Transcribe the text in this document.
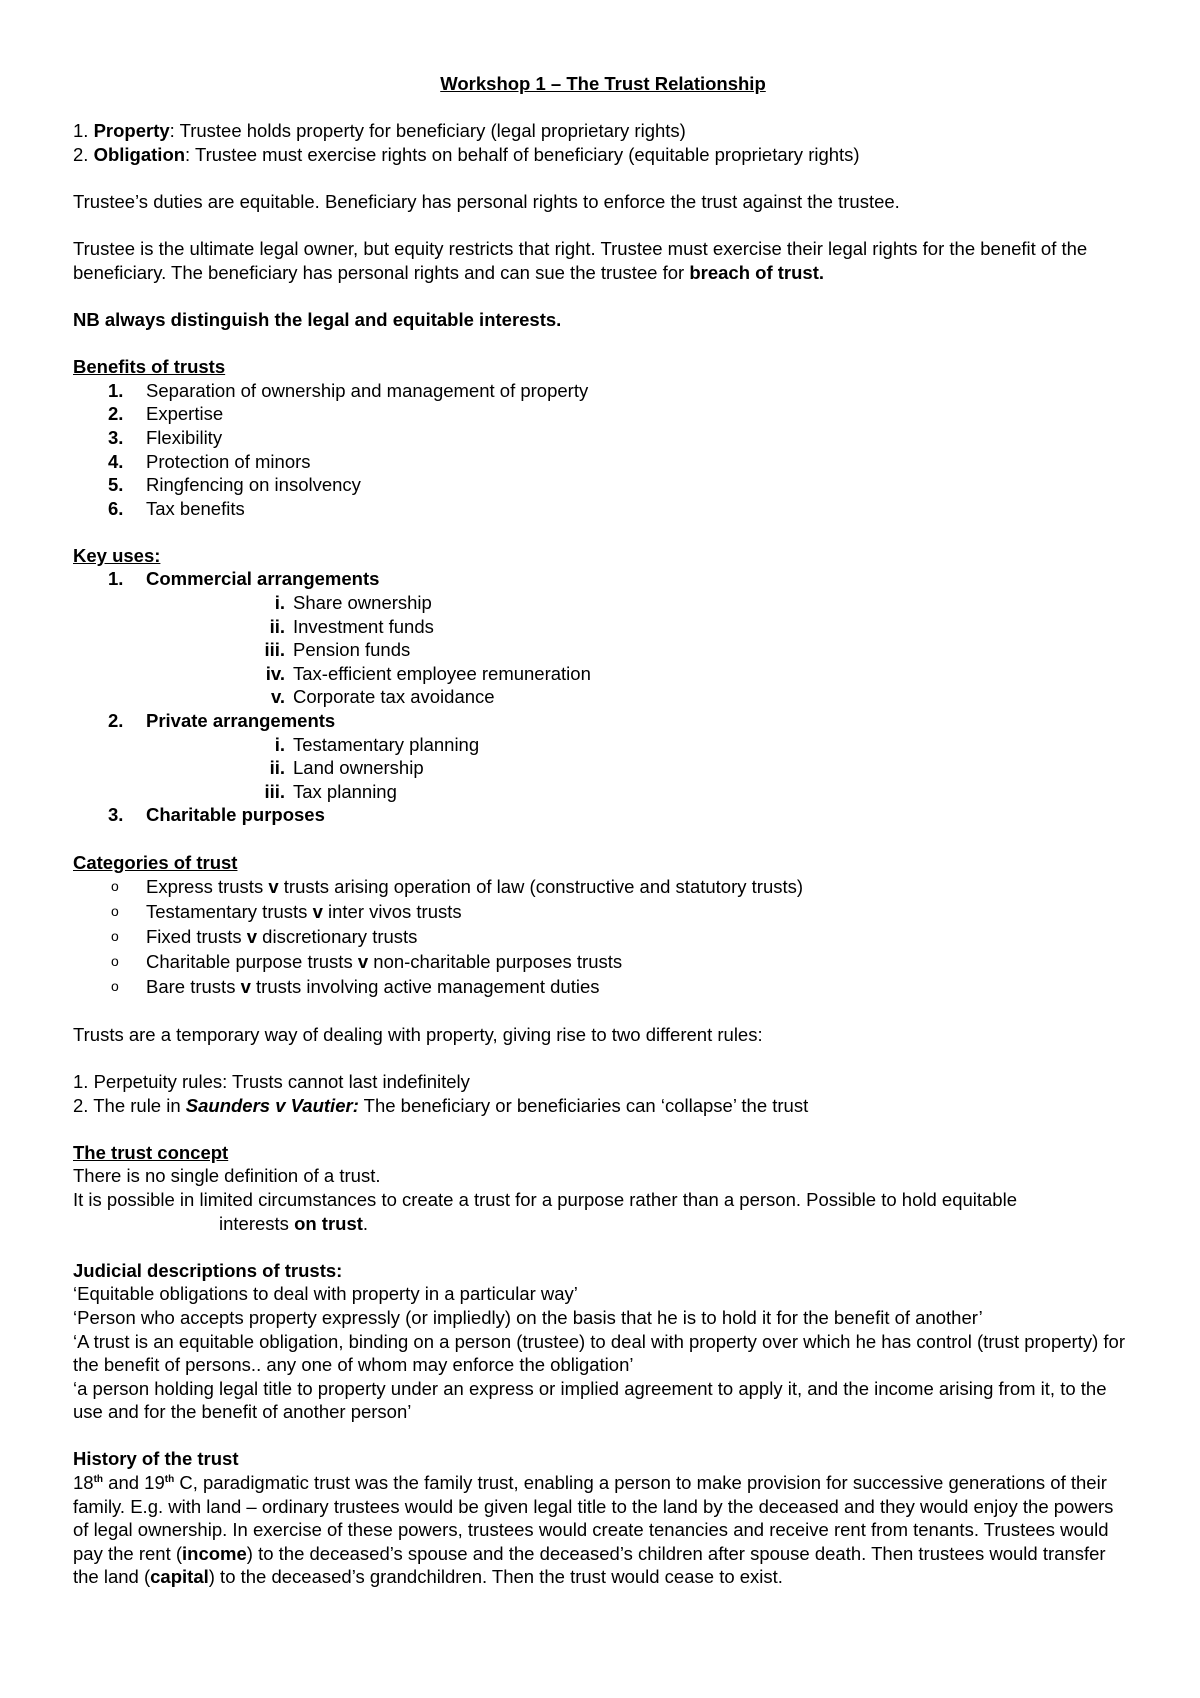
Workshop 1 – The Trust Relationship

1. Property: Trustee holds property for beneficiary (legal proprietary rights)

2. Obligation: Trustee must exercise rights on behalf of beneficiary (equitable proprietary rights)

Trustee’s duties are equitable. Beneficiary has personal rights to enforce the trust against the trustee.

Trustee is the ultimate legal owner, but equity restricts that right. Trustee must exercise their legal rights for the benefit of the beneficiary. The beneficiary has personal rights and can sue the trustee for breach of trust.

NB always distinguish the legal and equitable interests.

Benefits of trusts

1.	Separation of ownership and management of property
2.	Expertise
3.	Flexibility
4.	Protection of minors
5.	Ringfencing on insolvency
6.	Tax benefits

Key uses:

1.	Commercial arrangements
i. Share ownership
ii. Investment funds
iii. Pension funds
iv. Tax-efficient employee remuneration
v. Corporate tax avoidance
2.	Private arrangements
i. Testamentary planning
ii. Land ownership
iii. Tax planning
3.	Charitable purposes

Categories of trust

o Express trusts v trusts arising operation of law (constructive and statutory trusts)
o Testamentary trusts v inter vivos trusts
o Fixed trusts v discretionary trusts
o Charitable purpose trusts v non-charitable purposes trusts
o Bare trusts v trusts involving active management duties

Trusts are a temporary way of dealing with property, giving rise to two different rules:

1. Perpetuity rules: Trusts cannot last indefinitely

2. The rule in Saunders v Vautier: The beneficiary or beneficiaries can ‘collapse’ the trust

The trust concept

There is no single definition of a trust.

It is possible in limited circumstances to create a trust for a purpose rather than a person. Possible to hold equitable

interests on trust.

Judicial descriptions of trusts:

‘Equitable obligations to deal with property in a particular way’

‘Person who accepts property expressly (or impliedly) on the basis that he is to hold it for the benefit of another’

‘A trust is an equitable obligation, binding on a person (trustee) to deal with property over which he has control (trust property) for the benefit of persons.. any one of whom may enforce the obligation’

‘a person holding legal title to property under an express or implied agreement to apply it, and the income arising from it, to the use and for the benefit of another person’

History of the trust

18th and 19th C, paradigmatic trust was the family trust, enabling a person to make provision for successive generations of their family. E.g. with land – ordinary trustees would be given legal title to the land by the deceased and they would enjoy the powers of legal ownership. In exercise of these powers, trustees would create tenancies and receive rent from tenants. Trustees would pay the rent (income) to the deceased’s spouse and the deceased’s children after spouse death. Then trustees would transfer the land (capital) to the deceased’s grandchildren. Then the trust would cease to exist.
